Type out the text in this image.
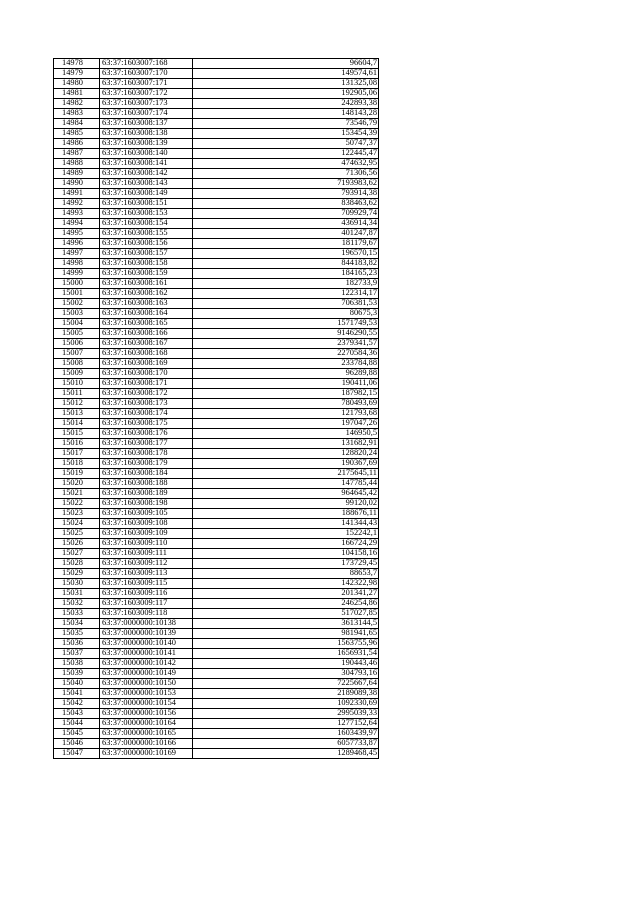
14978	63:37:1603007:168	96604,7
14979	63:37:1603007:170	149574,61
14980	63:37:1603007:171	131325,08
14981	63:37:1603007:172	192905,06
14982	63:37:1603007:173	242893,38
14983	63:37:1603007:174	148143,28
14984	63:37:1603008:137	73546,79
14985	63:37:1603008:138	153454,39
14986	63:37:1603008:139	50747,37
14987	63:37:1603008:140	122445,47
14988	63:37:1603008:141	474632,95
14989	63:37:1603008:142	71306,56
14990	63:37:1603008:143	7193983,62
14991	63:37:1603008:149	793914,38
14992	63:37:1603008:151	838463,62
14993	63:37:1603008:153	709929,74
14994	63:37:1603008:154	436914,34
14995	63:37:1603008:155	401247,87
14996	63:37:1603008:156	181179,67
14997	63:37:1603008:157	196570,15
14998	63:37:1603008:158	844183,82
14999	63:37:1603008:159	184165,23
15000	63:37:1603008:161	182733,9
15001	63:37:1603008:162	122314,17
15002	63:37:1603008:163	706381,53
15003	63:37:1603008:164	80675,3
15004	63:37:1603008:165	1571749,53
15005	63:37:1603008:166	9146290,55
15006	63:37:1603008:167	2379341,57
15007	63:37:1603008:168	2270584,36
15008	63:37:1603008:169	233784,88
15009	63:37:1603008:170	96289,88
15010	63:37:1603008:171	190411,06
15011	63:37:1603008:172	187982,15
15012	63:37:1603008:173	780493,69
15013	63:37:1603008:174	121793,68
15014	63:37:1603008:175	197047,26
15015	63:37:1603008:176	146950,5
15016	63:37:1603008:177	131682,91
15017	63:37:1603008:178	128820,24
15018	63:37:1603008:179	190367,69
15019	63:37:1603008:184	2175645,11
15020	63:37:1603008:188	147785,44
15021	63:37:1603008:189	964645,42
15022	63:37:1603008:198	99120,02
15023	63:37:1603009:105	188676,11
15024	63:37:1603009:108	141344,43
15025	63:37:1603009:109	152242,1
15026	63:37:1603009:110	166724,29
15027	63:37:1603009:111	104158,16
15028	63:37:1603009:112	173729,45
15029	63:37:1603009:113	88653,7
15030	63:37:1603009:115	142322,98
15031	63:37:1603009:116	201341,27
15032	63:37:1603009:117	246254,86
15033	63:37:1603009:118	517027,85
15034	63:37:0000000:10138	3613144,5
15035	63:37:0000000:10139	981941,65
15036	63:37:0000000:10140	1563755,96
15037	63:37:0000000:10141	1656931,54
15038	63:37:0000000:10142	190443,46
15039	63:37:0000000:10149	304793,16
15040	63:37:0000000:10150	7225667,64
15041	63:37:0000000:10153	2189089,38
15042	63:37:0000000:10154	1092330,69
15043	63:37:0000000:10156	2995039,33
15044	63:37:0000000:10164	1277152,64
15045	63:37:0000000:10165	1603439,97
15046	63:37:0000000:10166	6057733,87
15047	63:37:0000000:10169	1289468,45
